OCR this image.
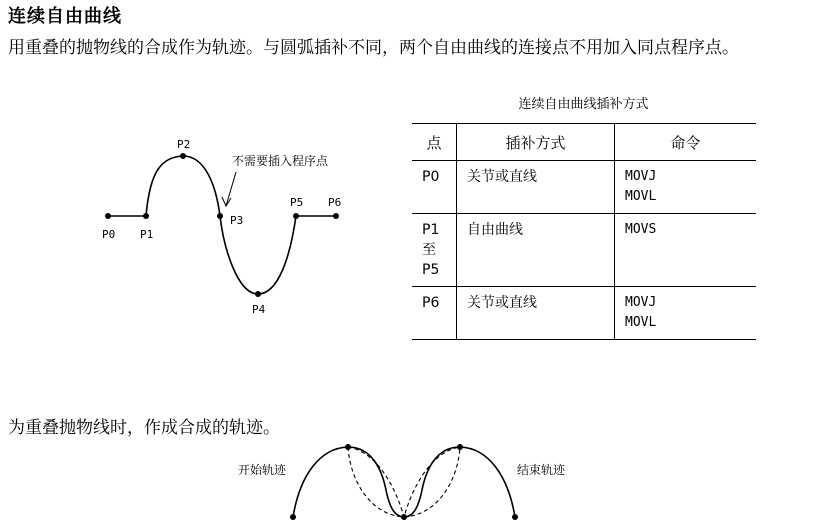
连续自由曲线
用重叠的抛物线的合成作为轨迹。与圆弧插补不同，两个自由曲线的连接点不用加入同点程序点。
P0 P1
P2
P3
P4
P5 P6
不需要插入程序点
连续自由曲线插补方式
点	插补方式	命令

P0	关节或直线	MOVJ
MOVL

P1
至
P5	自由曲线	MOVS

P6	关节或直线	MOVJ
MOVL
为重叠抛物线时，作成合成的轨迹。
开始轨迹	结束轨迹
